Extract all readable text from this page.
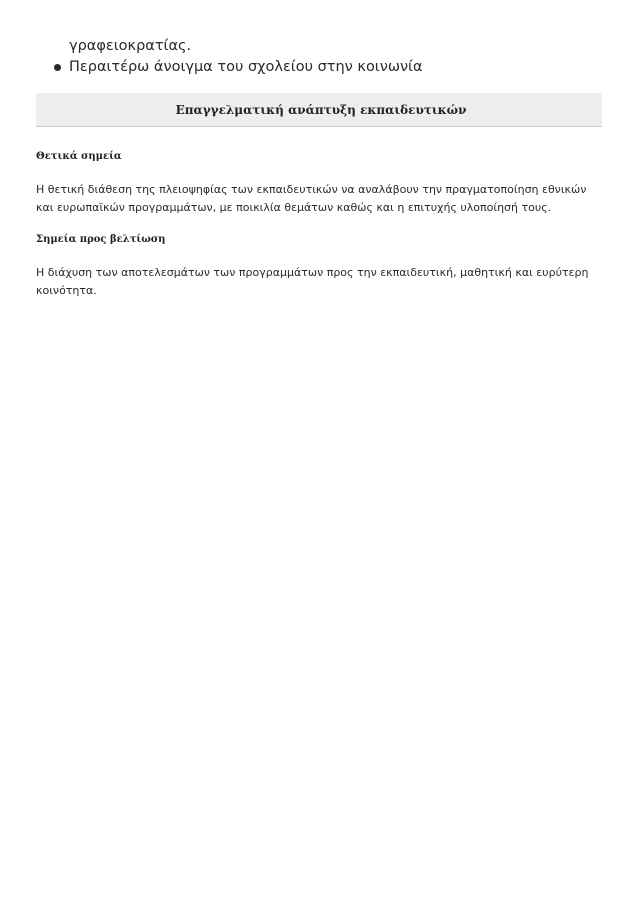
γραφειοκρατίας.
Περαιτέρω άνοιγμα του σχολείου στην κοινωνία
Επαγγελματική ανάπτυξη εκπαιδευτικών
Θετικά σημεία
Η θετική διάθεση της πλειοψηφίας των εκπαιδευτικών να αναλάβουν την πραγματοποίηση εθνικών και ευρωπαϊκών προγραμμάτων, με ποικιλία θεμάτων καθώς και η επιτυχής υλοποίησή τους.
Σημεία προς βελτίωση
Η διάχυση των αποτελεσμάτων των προγραμμάτων προς την εκπαιδευτική, μαθητική και ευρύτερη κοινότητα.
